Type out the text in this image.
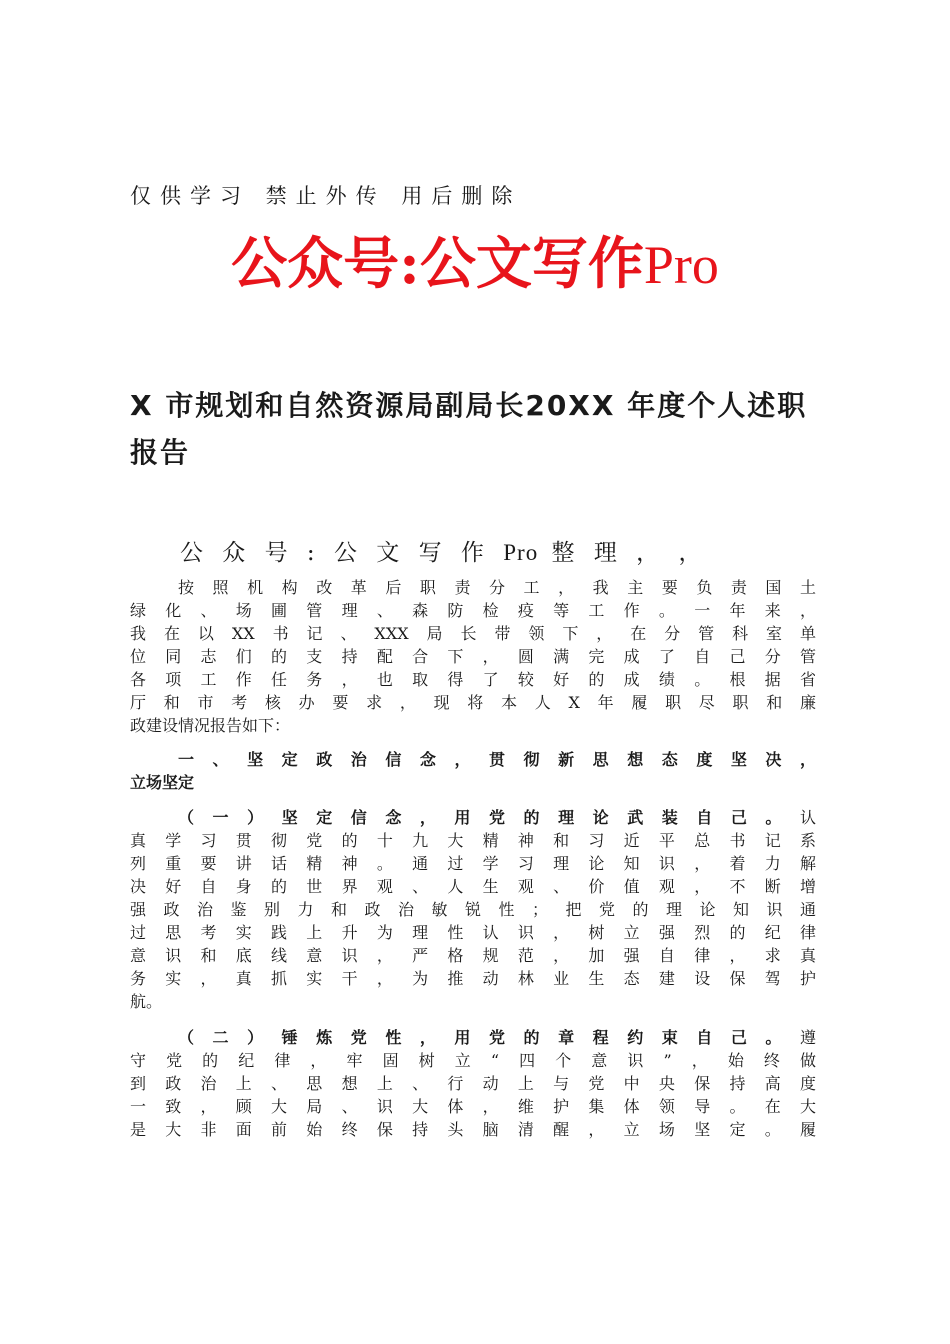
仅供学习 禁止外传 用后删除
公众号:公文写作Pro
X 市规划和自然资源局副局长20XX 年度个人述职报告
公 众 号 : 公 文 写 作 Pro 整 理 ， ，
按照机构改革后职责分工，我主要负责国土
绿化、场圃管理、森防检疫等工作。一年来，
我在以XX书记、XXX局长带领下，在分管科室单
位同志们的支持配合下，圆满完成了自己分管
各项工作任务，也取得了较好的成绩。根据省
厅和市考核办要求，现将本人X年履职尽职和廉
政建设情况报告如下：
一、坚定政治信念，贯彻新思想态度坚决，
立场坚定
（一）坚定信念，用党的理论武装自己。认
真学习贯彻党的十九大精神和习近平总书记系
列重要讲话精神。通过学习理论知识，着力解
决好自身的世界观、人生观、价值观，不断增
强政治鉴别力和政治敏锐性；把党的理论知识通
过思考实践上升为理性认识，树立强烈的纪律
意识和底线意识，严格规范，加强自律，求真
务实，真抓实干，为推动林业生态建设保驾护
航。
（二）锤炼党性，用党的章程约束自己。遵
守党的纪律，牢固树立“四个意识”，始终做
到政治上、思想上、行动上与党中央保持高度
一致，顾大局、识大体，维护集体领导。在大
是大非面前始终保持头脑清醒，立场坚定。履
